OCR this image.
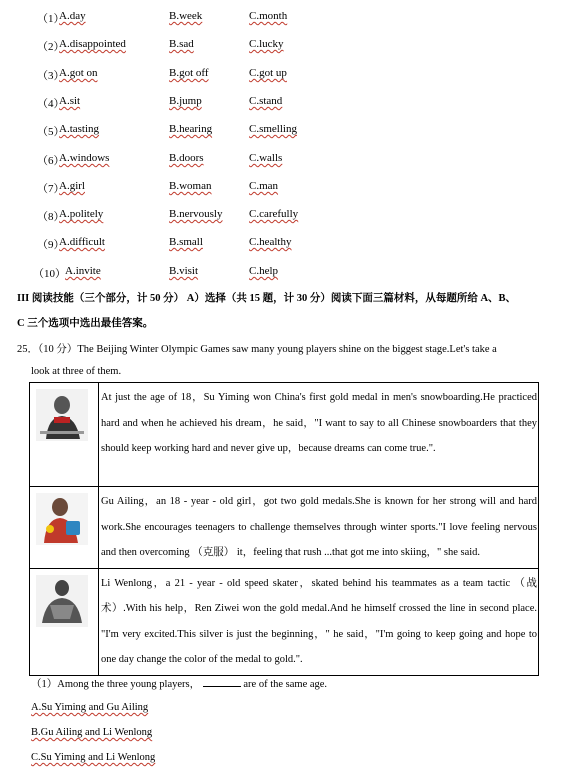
（1）
A.day	B.week	C.month
（2）
A.disappointed	B.sad	C.lucky
（3）
A.got on	B.got off	C.got up
（4）
A.sit	B.jump	C.stand
（5）
A.tasting	B.hearing	C.smelling
（6）
A.windows	B.doors	C.walls
（7）
A.girl	B.woman	C.man
（8）
A.politely	B.nervously C.carefully
（9）
A.difficult	B.small	C.healthy
（10） A.invite	B.visit	C.help
III 阅读技能（三个部分，计 50 分） A）选择（共 15 题，计 30 分）阅读下面三篇材料，从每题所给 A、B、
C 三个选项中选出最佳答案。
25．（10 分）The Beijing Winter Olympic Games saw many young players shine on the biggest stage.Let's take a
look at three of them.
	At just the age of 18，Su Yiming won China's first gold medal in men's snowboarding.He practiced hard and when he achieved his dream，he said，"I want to say to all Chinese snowboarders that they should keep working hard and never give up，because dreams can come true.".

	Gu Ailing，an 18 - year - old girl，got two gold medals.She is known for her strong will and hard work.She encourages teenagers to challenge themselves through winter sports."I love feeling nervous and then overcoming （克服） it，feeling that rush ...that got me into skiing，" she said.

	Li Wenlong，a 21 - year - old speed skater，skated behind his teammates as a team tactic （战术）.With his help，Ren Ziwei won the gold medal.And he himself crossed the line in second place. "I'm very excited.This silver is just the beginning，" he said，"I'm going to keep going and hope to one day change the color of the medal to gold.".
（1）Among the three young players，	are of the same age.
A.Su Yiming and Gu Ailing
B.Gu Ailing and Li Wenlong
C.Su Yiming and Li Wenlong
